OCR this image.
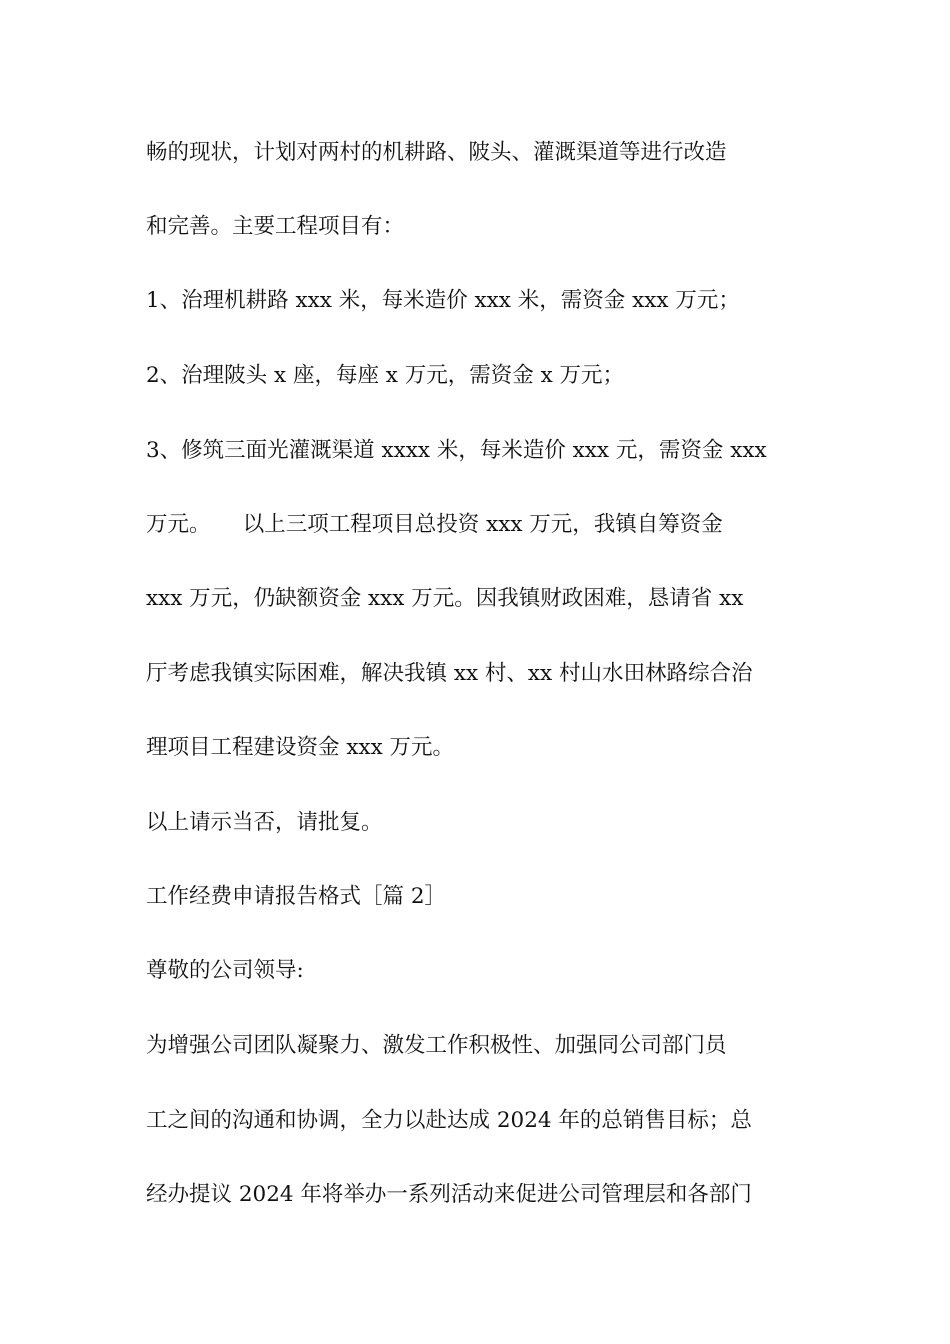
畅的现状，计划对两村的机耕路、陂头、灌溉渠道等进行改造
和完善。主要工程项目有：
1、治理机耕路 xxx 米，每米造价 xxx 米，需资金 xxx 万元；
2、治理陂头 x 座，每座 x 万元，需资金 x 万元；
3、修筑三面光灌溉渠道 xxxx 米，每米造价 xxx 元，需资金 xxx
万元。　　以上三项工程项目总投资 xxx 万元，我镇自筹资金
xxx 万元，仍缺额资金 xxx 万元。因我镇财政困难，恳请省 xx
厅考虑我镇实际困难，解决我镇 xx 村、xx 村山水田林路综合治
理项目工程建设资金 xxx 万元。
以上请示当否，请批复。
工作经费申请报告格式［篇 2］
尊敬的公司领导:
为增强公司团队凝聚力、激发工作积极性、加强同公司部门员
工之间的沟通和协调，全力以赴达成 2024 年的总销售目标；总
经办提议 2024 年将举办一系列活动来促进公司管理层和各部门
